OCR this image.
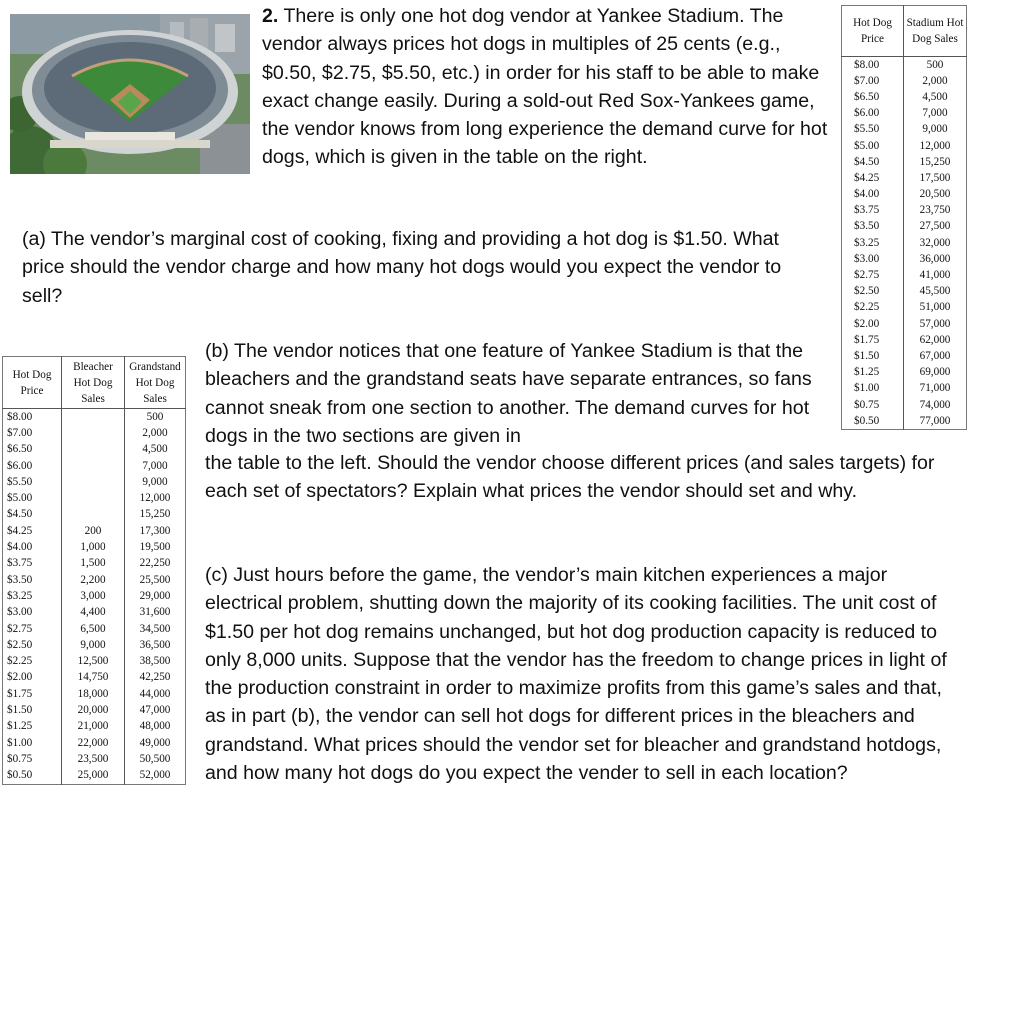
2. There is only one hot dog vendor at Yankee Stadium. The vendor always prices hot dogs in multiples of 25 cents (e.g., $0.50, $2.75, $5.50, etc.) in order for his staff to be able to make exact change easily. During a sold-out Red Sox-Yankees game, the vendor knows from long experience the demand curve for hot dogs, which is given in the table on the right.

(a) The vendor’s marginal cost of cooking, fixing and providing a hot dog is $1.50. What price should the vendor charge and how many hot dogs would you expect the vendor to sell?

(b) The vendor notices that one feature of Yankee Stadium is that the bleachers and the grandstand seats have separate entrances, so fans cannot sneak from one section to another. The demand curves for hot dogs in the two sections are given in

the table to the left. Should the vendor choose different prices (and sales targets) for each set of spectators? Explain what prices the vendor should set and why.

(c) Just hours before the game, the vendor’s main kitchen experiences a major electrical problem, shutting down the majority of its cooking facilities. The unit cost of $1.50 per hot dog remains unchanged, but hot dog production capacity is reduced to only 8,000 units. Suppose that the vendor has the freedom to change prices in light of the production constraint in order to maximize profits from this game’s sales and that, as in part (b), the vendor can sell hot dogs for different prices in the bleachers and grandstand. What prices should the vendor set for bleacher and grandstand hotdogs, and how many hot dogs do you expect the vender to sell in each location?

Hot Dog Price	Stadium Hot Dog Sales
$8.00	500
$7.00	2,000
$6.50	4,500
$6.00	7,000
$5.50	9,000
$5.00	12,000
$4.50	15,250
$4.25	17,500
$4.00	20,500
$3.75	23,750
$3.50	27,500
$3.25	32,000
$3.00	36,000
$2.75	41,000
$2.50	45,500
$2.25	51,000
$2.00	57,000
$1.75	62,000
$1.50	67,000
$1.25	69,000
$1.00	71,000
$0.75	74,000
$0.50	77,000
Hot Dog Price	Bleacher Hot Dog Sales	Grandstand Hot Dog Sales
$8.00		500
$7.00		2,000
$6.50		4,500
$6.00		7,000
$5.50		9,000
$5.00		12,000
$4.50		15,250
$4.25	200	17,300
$4.00	1,000	19,500
$3.75	1,500	22,250
$3.50	2,200	25,500
$3.25	3,000	29,000
$3.00	4,400	31,600
$2.75	6,500	34,500
$2.50	9,000	36,500
$2.25	12,500	38,500
$2.00	14,750	42,250
$1.75	18,000	44,000
$1.50	20,000	47,000
$1.25	21,000	48,000
$1.00	22,000	49,000
$0.75	23,500	50,500
$0.50	25,000	52,000
